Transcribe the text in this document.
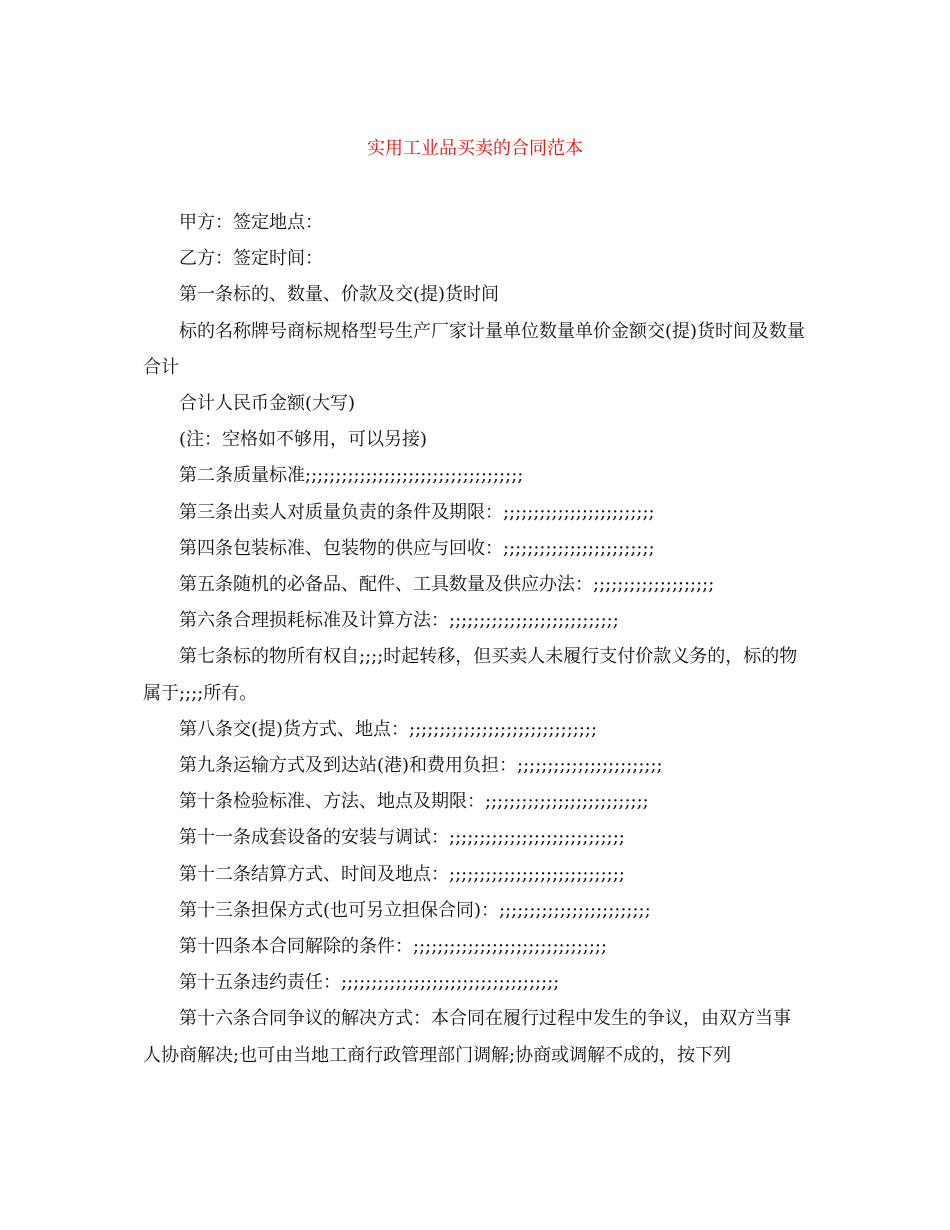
实用工业品买卖的合同范本

甲方：签定地点：

乙方：签定时间：

第一条标的、数量、价款及交(提)货时间

标的名称牌号商标规格型号生产厂家计量单位数量单价金额交(提)货时间及数量合计

合计人民币金额(大写)

(注：空格如不够用，可以另接)

第二条质量标准;;;;;;;;;;;;;;;;;;;;;;;;;;;;;;;;;;;;

第三条出卖人对质量负责的条件及期限：;;;;;;;;;;;;;;;;;;;;;;;;;

第四条包装标准、包装物的供应与回收：;;;;;;;;;;;;;;;;;;;;;;;;;

第五条随机的必备品、配件、工具数量及供应办法：;;;;;;;;;;;;;;;;;;;;

第六条合理损耗标准及计算方法：;;;;;;;;;;;;;;;;;;;;;;;;;;;;

第七条标的物所有权自;;;;时起转移，但买卖人未履行支付价款义务的，标的物属于;;;;所有。

第八条交(提)货方式、地点：;;;;;;;;;;;;;;;;;;;;;;;;;;;;;;;

第九条运输方式及到达站(港)和费用负担：;;;;;;;;;;;;;;;;;;;;;;;;

第十条检验标准、方法、地点及期限：;;;;;;;;;;;;;;;;;;;;;;;;;;;

第十一条成套设备的安装与调试：;;;;;;;;;;;;;;;;;;;;;;;;;;;;;

第十二条结算方式、时间及地点：;;;;;;;;;;;;;;;;;;;;;;;;;;;;;

第十三条担保方式(也可另立担保合同)：;;;;;;;;;;;;;;;;;;;;;;;;;

第十四条本合同解除的条件：;;;;;;;;;;;;;;;;;;;;;;;;;;;;;;;;

第十五条违约责任：;;;;;;;;;;;;;;;;;;;;;;;;;;;;;;;;;;;;

第十六条合同争议的解决方式：本合同在履行过程中发生的争议，由双方当事人协商解决;也可由当地工商行政管理部门调解;协商或调解不成的，按下列
